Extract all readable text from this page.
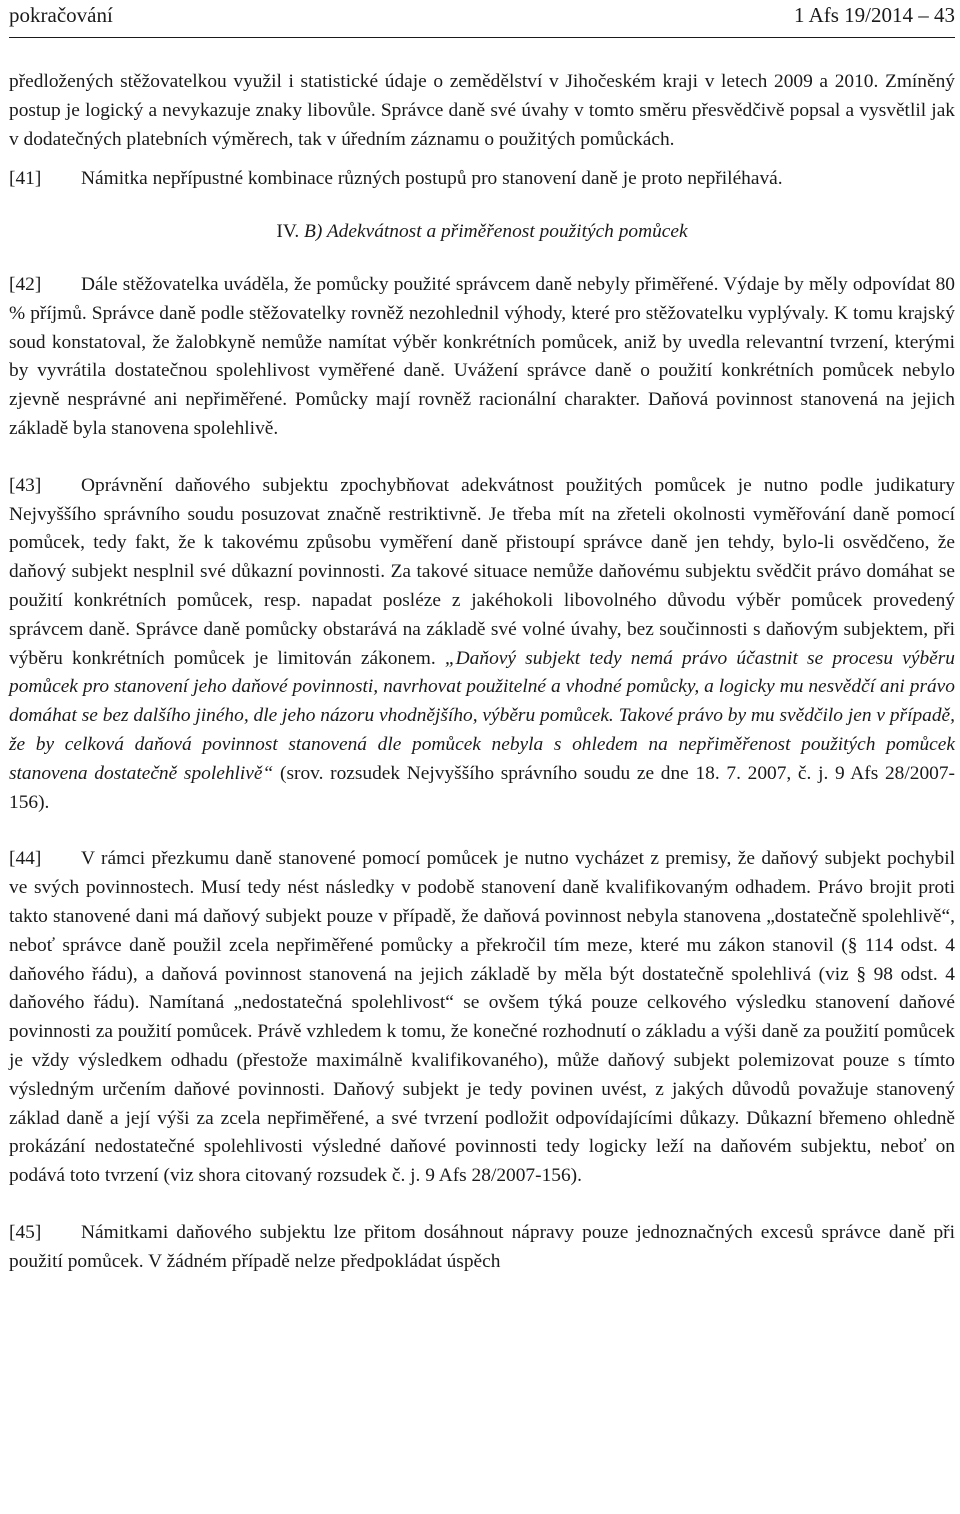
pokračování	1 Afs 19/2014 – 43

předložených stěžovatelkou využil i statistické údaje o zemědělství v Jihočeském kraji v letech 2009 a 2010. Zmíněný postup je logický a nevykazuje znaky libovůle. Správce daně své úvahy v tomto směru přesvědčivě popsal a vysvětlil jak v dodatečných platebních výměrech, tak v úředním záznamu o použitých pomůckách.

[41] Námitka nepřípustné kombinace různých postupů pro stanovení daně je proto nepřiléhavá.

IV. B) Adekvátnost a přiměřenost použitých pomůcek

[42] Dále stěžovatelka uváděla, že pomůcky použité správcem daně nebyly přiměřené. Výdaje by měly odpovídat 80 % příjmů. Správce daně podle stěžovatelky rovněž nezohlednil výhody, které pro stěžovatelku vyplývaly. K tomu krajský soud konstatoval, že žalobkyně nemůže namítat výběr konkrétních pomůcek, aniž by uvedla relevantní tvrzení, kterými by vyvrátila dostatečnou spolehlivost vyměřené daně. Uvážení správce daně o použití konkrétních pomůcek nebylo zjevně nesprávné ani nepřiměřené. Pomůcky mají rovněž racionální charakter. Daňová povinnost stanovená na jejich základě byla stanovena spolehlivě.

[43] Oprávnění daňového subjektu zpochybňovat adekvátnost použitých pomůcek je nutno podle judikatury Nejvyššího správního soudu posuzovat značně restriktivně. Je třeba mít na zřeteli okolnosti vyměřování daně pomocí pomůcek, tedy fakt, že k takovému způsobu vyměření daně přistoupí správce daně jen tehdy, bylo-li osvědčeno, že daňový subjekt nesplnil své důkazní povinnosti. Za takové situace nemůže daňovému subjektu svědčit právo domáhat se použití konkrétních pomůcek, resp. napadat posléze z jakéhokoli libovolného důvodu výběr pomůcek provedený správcem daně. Správce daně pomůcky obstarává na základě své volné úvahy, bez součinnosti s daňovým subjektem, při výběru konkrétních pomůcek je limitován zákonem. „Daňový subjekt tedy nemá právo účastnit se procesu výběru pomůcek pro stanovení jeho daňové povinnosti, navrhovat použitelné a vhodné pomůcky, a logicky mu nesvědčí ani právo domáhat se bez dalšího jiného, dle jeho názoru vhodnějšího, výběru pomůcek. Takové právo by mu svědčilo jen v případě, že by celková daňová povinnost stanovená dle pomůcek nebyla s ohledem na nepřiměřenost použitých pomůcek stanovena dostatečně spolehlivě“ (srov. rozsudek Nejvyššího správního soudu ze dne 18. 7. 2007, č. j. 9 Afs 28/2007-156).

[44] V rámci přezkumu daně stanovené pomocí pomůcek je nutno vycházet z premisy, že daňový subjekt pochybil ve svých povinnostech. Musí tedy nést následky v podobě stanovení daně kvalifikovaným odhadem. Právo brojit proti takto stanovené dani má daňový subjekt pouze v případě, že daňová povinnost nebyla stanovena „dostatečně spolehlivě“, neboť správce daně použil zcela nepřiměřené pomůcky a překročil tím meze, které mu zákon stanovil (§ 114 odst. 4 daňového řádu), a daňová povinnost stanovená na jejich základě by měla být dostatečně spolehlivá (viz § 98 odst. 4 daňového řádu). Namítaná „nedostatečná spolehlivost“ se ovšem týká pouze celkového výsledku stanovení daňové povinnosti za použití pomůcek. Právě vzhledem k tomu, že konečné rozhodnutí o základu a výši daně za použití pomůcek je vždy výsledkem odhadu (přestože maximálně kvalifikovaného), může daňový subjekt polemizovat pouze s tímto výsledným určením daňové povinnosti. Daňový subjekt je tedy povinen uvést, z jakých důvodů považuje stanovený základ daně a její výši za zcela nepřiměřené, a své tvrzení podložit odpovídajícími důkazy. Důkazní břemeno ohledně prokázání nedostatečné spolehlivosti výsledné daňové povinnosti tedy logicky leží na daňovém subjektu, neboť on podává toto tvrzení (viz shora citovaný rozsudek č. j. 9 Afs 28/2007-156).

[45] Námitkami daňového subjektu lze přitom dosáhnout nápravy pouze jednoznačných excesů správce daně při použití pomůcek. V žádném případě nelze předpokládat úspěch
